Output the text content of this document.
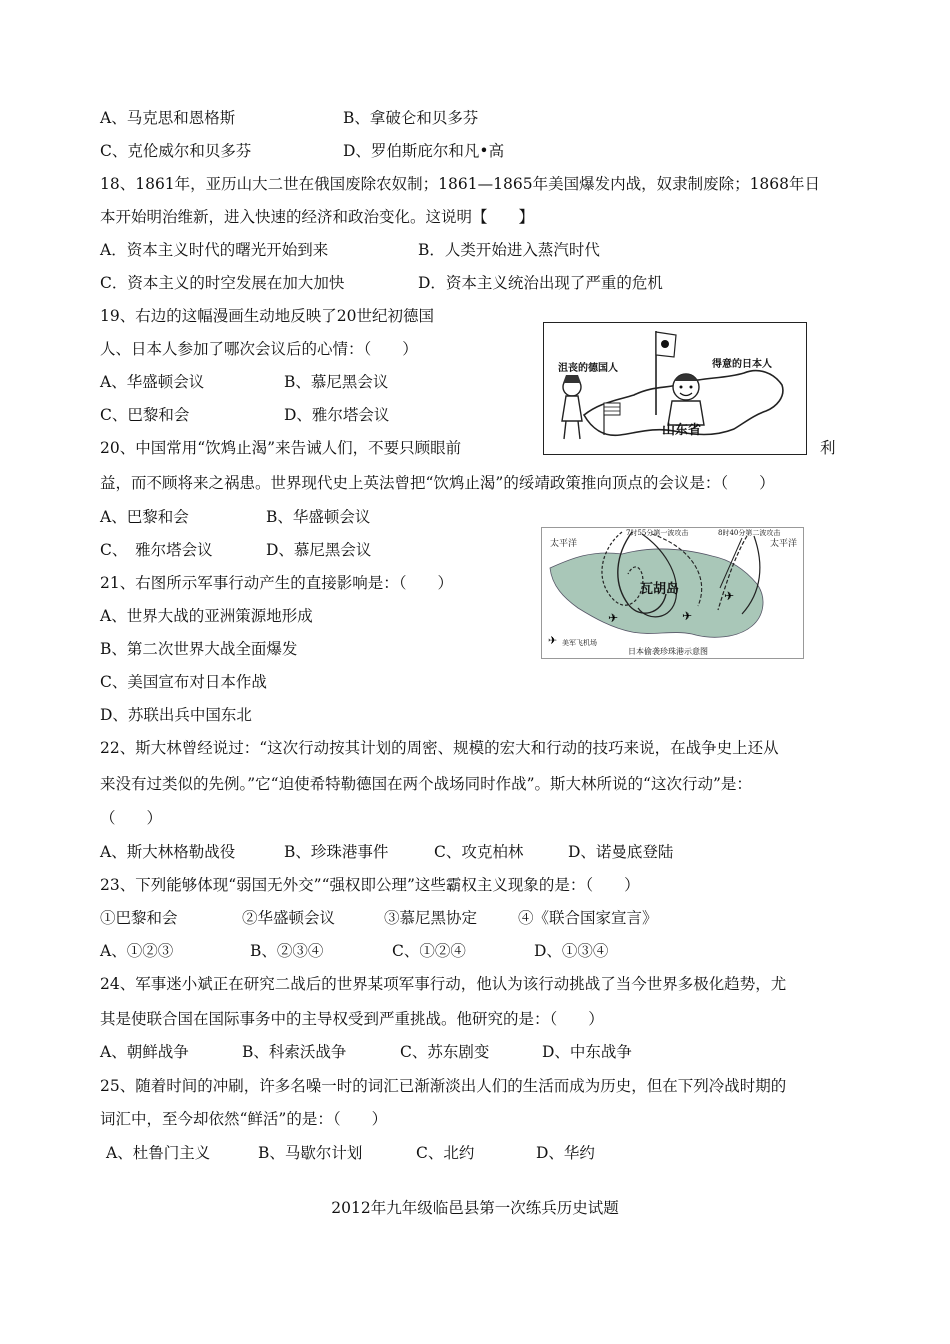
A、马克思和恩格斯	B、拿破仑和贝多芬
C、克伦威尔和贝多芬	D、罗伯斯庇尔和凡•高
18、1861年，亚历山大二世在俄国废除农奴制；1861—1865年美国爆发内战，奴隶制废除；1868年日
本开始明治维新，进入快速的经济和政治变化。这说明【　　】
A．资本主义时代的曙光开始到来	B．人类开始进入蒸汽时代
C．资本主义的时空发展在加大加快	D．资本主义统治出现了严重的危机
19、右边的这幅漫画生动地反映了20世纪初德国
人、日本人参加了哪次会议后的心情：（　　）
A、华盛顿会议	B、慕尼黑会议
C、巴黎和会	D、雅尔塔会议
沮丧的德国人	得意的日本人
山东省
20、中国常用“饮鸩止渴”来告诫人们，不要只顾眼前	利
益，而不顾将来之祸患。世界现代史上英法曾把“饮鸩止渴”的绥靖政策推向顶点的会议是：（　　）
A、巴黎和会	B、华盛顿会议
C、　雅尔塔会议	D、慕尼黑会议
✈	✈
✈
✈
太平洋	太平洋
瓦胡岛
7时55分第一波攻击	8时40分第二波攻击
美军飞机场
日本偷袭珍珠港示意图
21、右图所示军事行动产生的直接影响是：（　　）
A、世界大战的亚洲策源地形成
B、第二次世界大战全面爆发
C、美国宣布对日本作战
D、苏联出兵中国东北
22、斯大林曾经说过：“这次行动按其计划的周密、规模的宏大和行动的技巧来说，在战争史上还从
来没有过类似的先例。”它“迫使希特勒德国在两个战场同时作战”。斯大林所说的“这次行动”是：
（　　）
A、斯大林格勒战役	B、珍珠港事件	C、攻克柏林	D、诺曼底登陆
23、下列能够体现“弱国无外交”“强权即公理”这些霸权主义现象的是：（　　）
①巴黎和会	②华盛顿会议	③慕尼黑协定	④《联合国家宣言》
A、①②③	B、②③④	C、①②④	D、①③④
24、军事迷小斌正在研究二战后的世界某项军事行动，他认为该行动挑战了当今世界多极化趋势，尤
其是使联合国在国际事务中的主导权受到严重挑战。他研究的是：（　　）
A、朝鲜战争	B、科索沃战争	C、苏东剧变	D、中东战争
25、随着时间的冲刷，许多名噪一时的词汇已渐渐淡出人们的生活而成为历史，但在下列冷战时期的
词汇中，至今却依然“鲜活”的是：（　　）
A、杜鲁门主义	B、马歇尔计划	C、北约	D、华约
2012年九年级临邑县第一次练兵历史试题
